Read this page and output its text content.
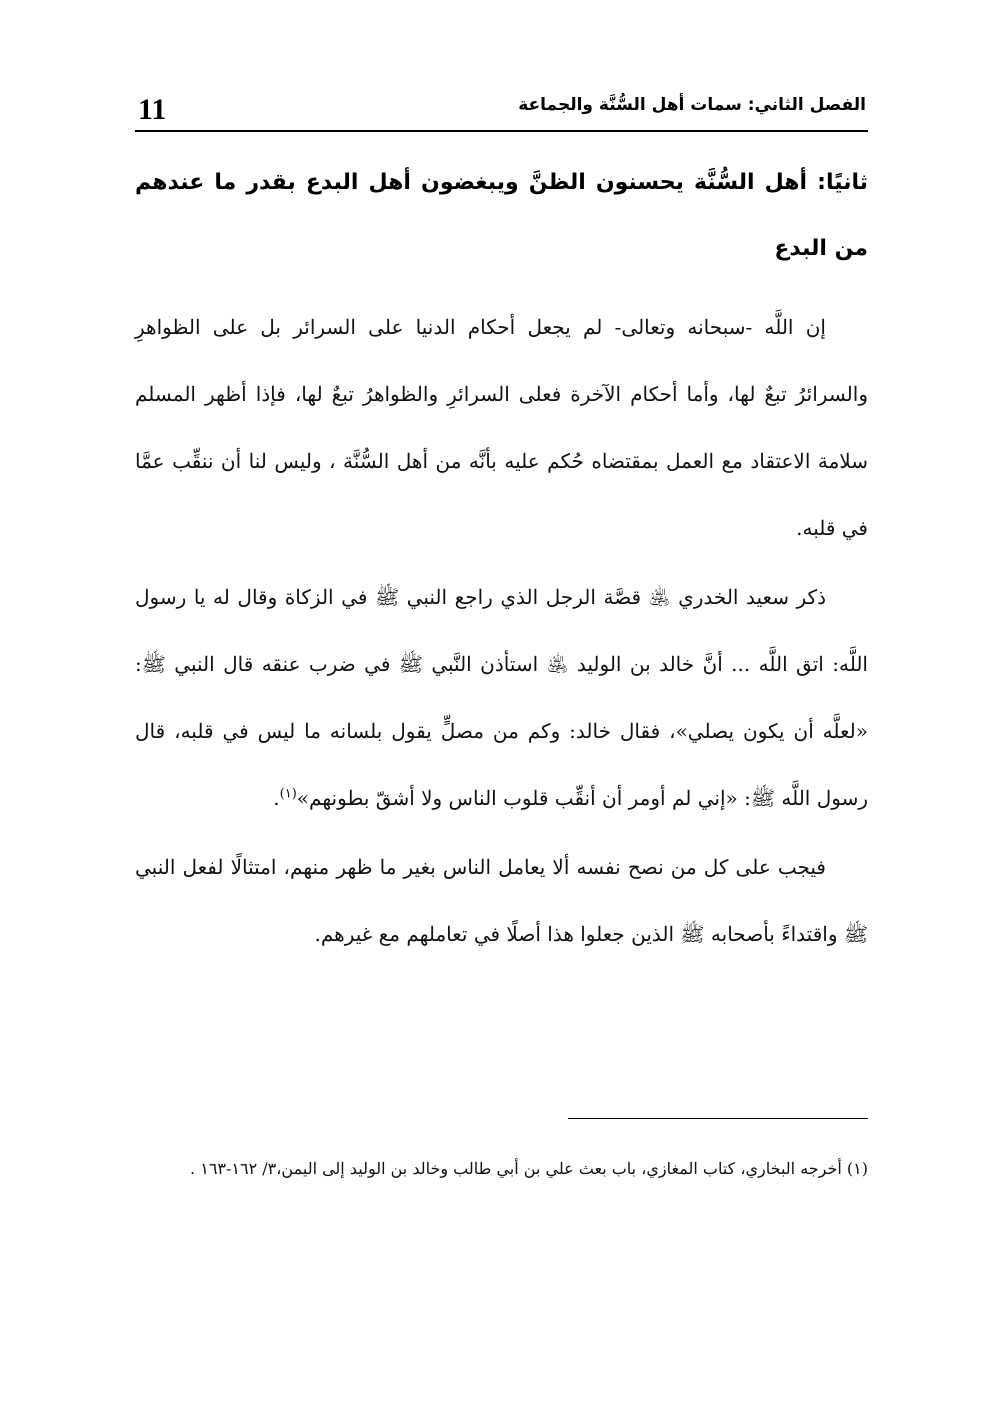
11	الفصل الثاني: سمات أهل السُّنَّة والجماعة
ثانيًا: أهل السُّنَّة يحسنون الظنَّ ويبغضون أهل البدع بقدر ما عندهم من البدع

إن اللَّه -سبحانه وتعالى- لم يجعل أحكام الدنيا على السرائر بل على الظواهرِ والسرائرُ تبعٌ لها، وأما أحكام الآخرة فعلى السرائرِ والظواهرُ تبعٌ لها، فإذا أظهر المسلم سلامة الاعتقاد مع العمل بمقتضاه حُكم عليه بأنَّه من أهل السُّنَّة ، وليس لنا أن ننقِّب عمَّا في قلبه.

ذكر سعيد الخدري ﵁ قصَّة الرجل الذي راجع النبي ﷺ في الزكاة وقال له يا رسول اللَّه: اتق اللَّه ... أنَّ خالد بن الوليد ﵁ استأذن النَّبي ﷺ في ضرب عنقه قال النبي ﷺ: «لعلَّه أن يكون يصلي»، فقال خالد: وكم من مصلٍّ يقول بلسانه ما ليس في قلبه، قال رسول اللَّه ﷺ: «إني لم أومر أن أنقِّب قلوب الناس ولا أشقّ بطونهم»$^{(١)}$.

فيجب على كل من نصح نفسه ألا يعامل الناس بغير ما ظهر منهم، امتثالًا لفعل النبي ﷺ واقتداءً بأصحابه ﷺ الذين جعلوا هذا أصلًا في تعاملهم مع غيرهم.

(١) أخرجه البخاري، كتاب المغازي، باب بعث علي بن أبي طالب وخالد بن الوليد إلى اليمن،٣/ ١٦٢-١٦٣ .
